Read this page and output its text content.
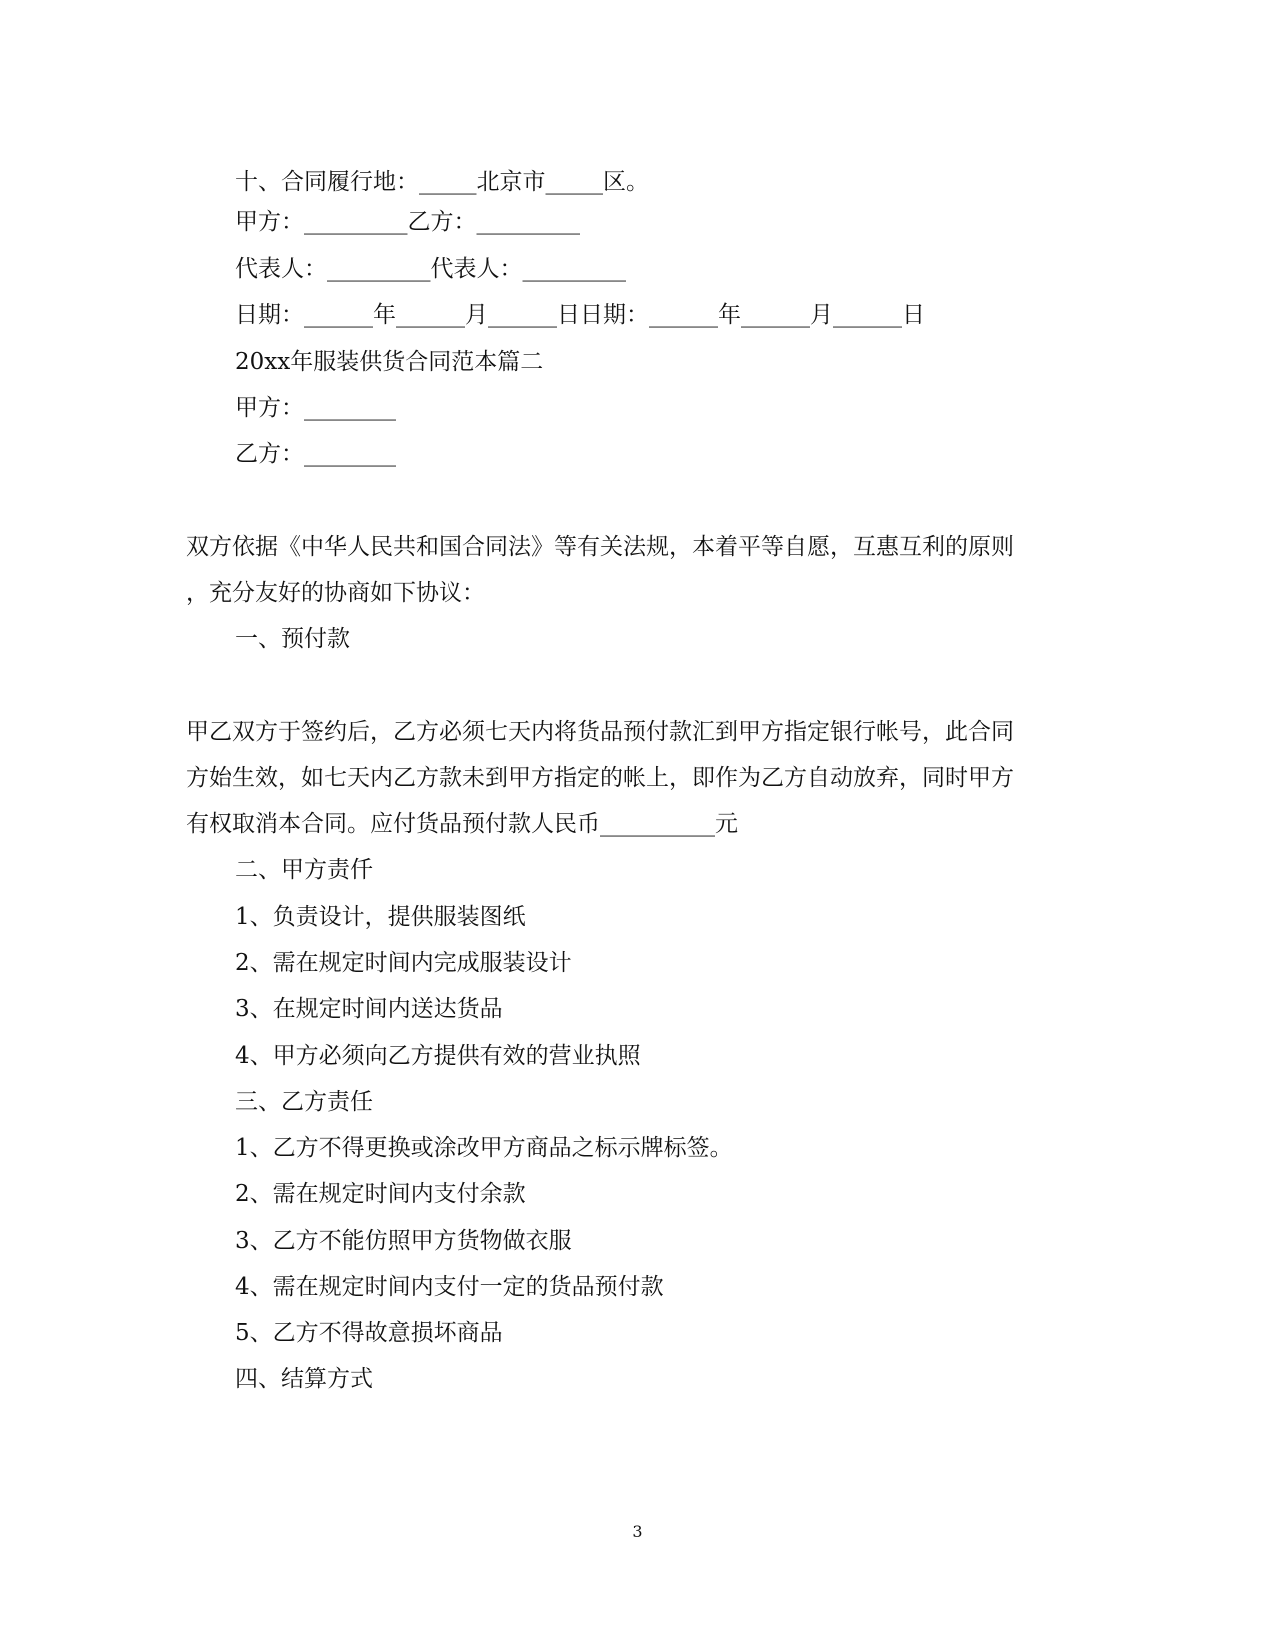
十、合同履行地：_____北京市_____区。

甲方：_________乙方：_________

代表人：_________代表人：_________

日期：______年______月______日日期：______年______月______日

20xx年服装供货合同范本篇二

甲方：________

乙方：________

双方依据《中华人民共和国合同法》等有关法规，本着平等自愿，互惠互利的原则

，充分友好的协商如下协议：

一、预付款

甲乙双方于签约后，乙方必须七天内将货品预付款汇到甲方指定银行帐号，此合同

方始生效，如七天内乙方款未到甲方指定的帐上，即作为乙方自动放弃，同时甲方

有权取消本合同。应付货品预付款人民币__________元

二、甲方责仟

1、负责设计，提供服装图纸

2、需在规定时间内完成服装设计

3、在规定时间内送达货品

4、甲方必须向乙方提供有效的营业执照

三、乙方责任

1、乙方不得更换或涂改甲方商品之标示牌标签。

2、需在规定时间内支付余款

3、乙方不能仿照甲方货物做衣服

4、需在规定时间内支付一定的货品预付款

5、乙方不得故意损坏商品

四、结算方式
3
